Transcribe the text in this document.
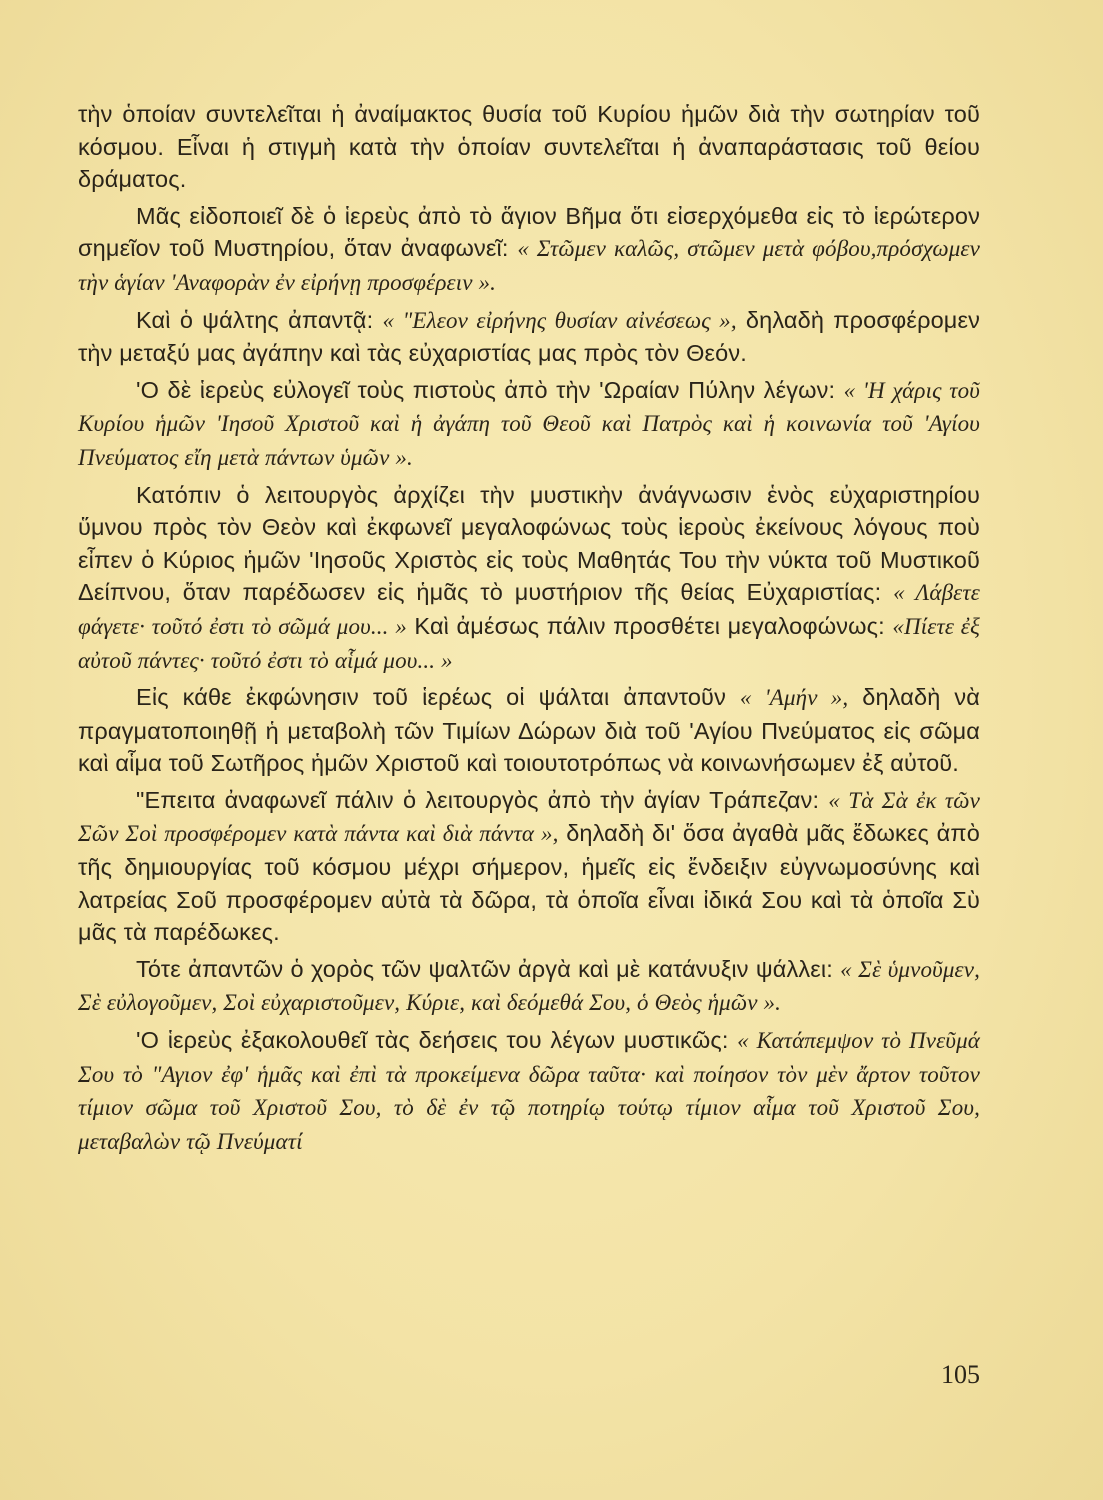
τὴν ὁποίαν συντελεῖται ἡ ἀναίμακτος θυσία τοῦ Κυρίου ἡμῶν διὰ τὴν σωτηρίαν τοῦ κόσμου. Εἶναι ἡ στιγμὴ κατὰ τὴν ὁποίαν συντελεῖται ἡ ἀναπαράστασις τοῦ θείου δράματος.

Μᾶς εἰδοποιεῖ δὲ ὁ ἱερεὺς ἀπὸ τὸ ἅγιον Βῆμα ὅτι εἰσερχόμεθα εἰς τὸ ἱερώτερον σημεῖον τοῦ Μυστηρίου, ὅταν ἀναφωνεῖ: « Στῶμεν καλῶς, στῶμεν μετὰ φόβου,πρόσχωμεν τὴν ἁγίαν 'Αναφορὰν ἐν εἰρήνῃ προσφέρειν ».

Καὶ ὁ ψάλτης ἀπαντᾷ: « "Ελεον εἰρήνης θυσίαν αἰνέσεως », δηλαδὴ προσφέρομεν τὴν μεταξύ μας ἀγάπην καὶ τὰς εὐχαριστίας μας πρὸς τὸν Θεόν.

'Ο δὲ ἱερεὺς εὐλογεῖ τοὺς πιστοὺς ἀπὸ τὴν 'Ωραίαν Πύλην λέγων: « 'Η χάρις τοῦ Κυρίου ἡμῶν 'Ιησοῦ Χριστοῦ καὶ ἡ ἀγάπη τοῦ Θεοῦ καὶ Πατρὸς καὶ ἡ κοινωνία τοῦ 'Αγίου Πνεύματος εἴη μετὰ πάντων ὑμῶν ».

Κατόπιν ὁ λειτουργὸς ἀρχίζει τὴν μυστικὴν ἀνάγνωσιν ἑνὸς εὐχαριστηρίου ὕμνου πρὸς τὸν Θεὸν καὶ ἐκφωνεῖ μεγαλοφώνως τοὺς ἱεροὺς ἐκείνους λόγους ποὺ εἶπεν ὁ Κύριος ἡμῶν 'Ιησοῦς Χριστὸς εἰς τοὺς Μαθητάς Του τὴν νύκτα τοῦ Μυστικοῦ Δείπνου, ὅταν παρέδωσεν εἰς ἡμᾶς τὸ μυστήριον τῆς θείας Εὐχαριστίας: « Λάβετε φάγετε· τοῦτό ἐστι τὸ σῶμά μου... » Καὶ ἀμέσως πάλιν προσθέτει μεγαλοφώνως: «Πίετε ἐξ αὐτοῦ πάντες· τοῦτό ἐστι τὸ αἷμά μου... »

Εἰς κάθε ἐκφώνησιν τοῦ ἱερέως οἱ ψάλται ἀπαντοῦν « 'Αμήν », δηλαδὴ νὰ πραγματοποιηθῇ ἡ μεταβολὴ τῶν Τιμίων Δώρων διὰ τοῦ 'Αγίου Πνεύματος εἰς σῶμα καὶ αἷμα τοῦ Σωτῆρος ἡμῶν Χριστοῦ καὶ τοιουτοτρόπως νὰ κοινωνήσωμεν ἐξ αὐτοῦ.

"Επειτα ἀναφωνεῖ πάλιν ὁ λειτουργὸς ἀπὸ τὴν ἁγίαν Τράπεζαν: « Τὰ Σὰ ἐκ τῶν Σῶν Σοὶ προσφέρομεν κατὰ πάντα καὶ διὰ πάντα », δηλαδὴ δι' ὅσα ἀγαθὰ μᾶς ἔδωκες ἀπὸ τῆς δημιουργίας τοῦ κόσμου μέχρι σήμερον, ἡμεῖς εἰς ἔνδειξιν εὐγνωμοσύνης καὶ λατρείας Σοῦ προσφέρομεν αὐτὰ τὰ δῶρα, τὰ ὁποῖα εἶναι ἰδικά Σου καὶ τὰ ὁποῖα Σὺ μᾶς τὰ παρέδωκες.

Τότε ἀπαντῶν ὁ χορὸς τῶν ψαλτῶν ἀργὰ καὶ μὲ κατάνυξιν ψάλλει: « Σὲ ὑμνοῦμεν, Σὲ εὐλογοῦμεν, Σοὶ εὐχαριστοῦμεν, Κύριε, καὶ δεόμεθά Σου, ὁ Θεὸς ἡμῶν ».

'Ο ἱερεὺς ἐξακολουθεῖ τὰς δεήσεις του λέγων μυστικῶς: « Κατάπεμψον τὸ Πνεῦμά Σου τὸ "Αγιον ἐφ' ἡμᾶς καὶ ἐπὶ τὰ προκείμενα δῶρα ταῦτα· καὶ ποίησον τὸν μὲν ἄρτον τοῦτον τίμιον σῶμα τοῦ Χριστοῦ Σου, τὸ δὲ ἐν τῷ ποτηρίῳ τούτῳ τίμιον αἷμα τοῦ Χριστοῦ Σου, μεταβαλὼν τῷ Πνεύματί

105
